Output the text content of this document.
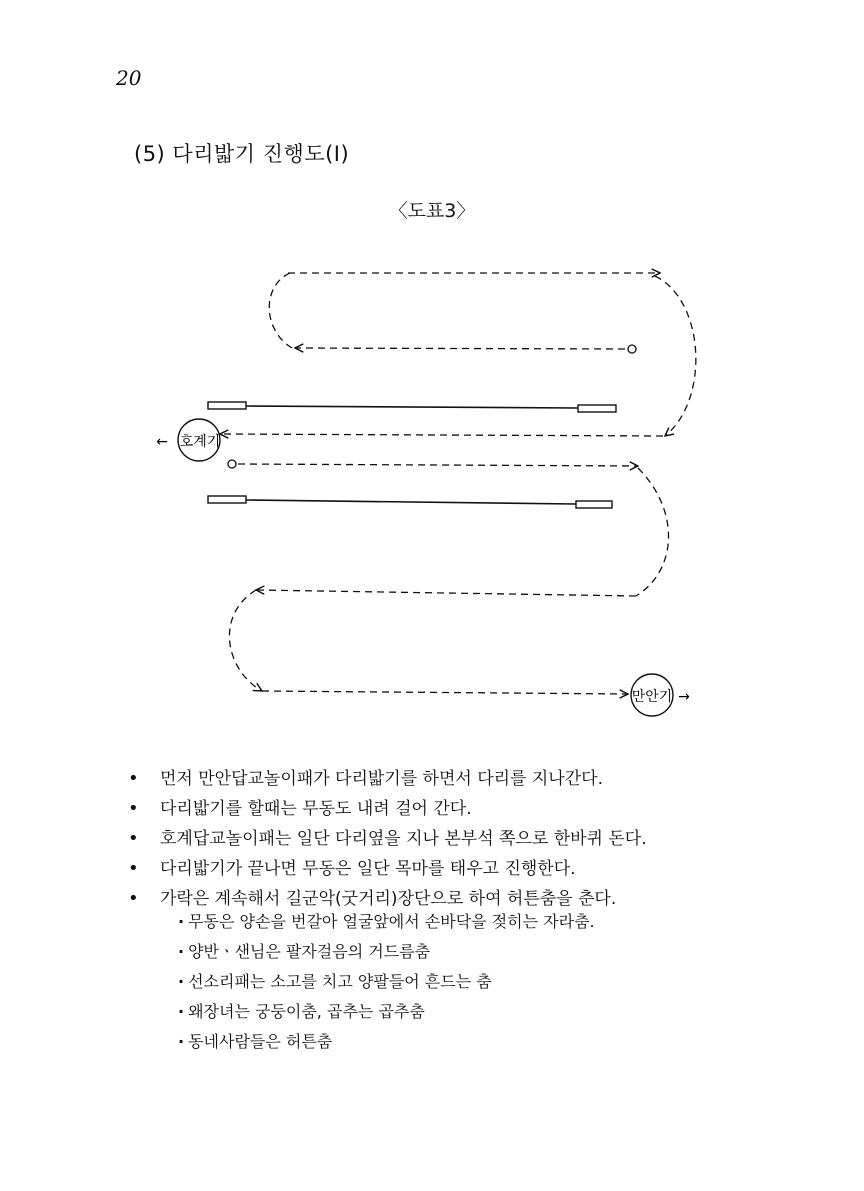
20
(5) 다리밟기 진행도(I)
〈도표3〉
호계기
←
만안기 →
• 먼저 만안답교놀이패가 다리밟기를 하면서 다리를 지나간다.
• 다리밟기를 할때는 무동도 내려 걸어 간다.
• 호계답교놀이패는 일단 다리옆을 지나 본부석 쪽으로 한바퀴 돈다.
• 다리밟기가 끝나면 무동은 일단 목마를 태우고 진행한다.
• 가락은 계속해서 길군악(굿거리)장단으로 하여 허튼춤을 춘다.
· 무동은 양손을 번갈아 얼굴앞에서 손바닥을 젖히는 자라춤.
· 양반ㆍ샌님은 팔자걸음의 거드름춤
· 선소리패는 소고를 치고 양팔들어 흔드는 춤
· 왜장녀는 궁둥이춤, 곱추는 곱추춤
· 동네사람들은 허튼춤
